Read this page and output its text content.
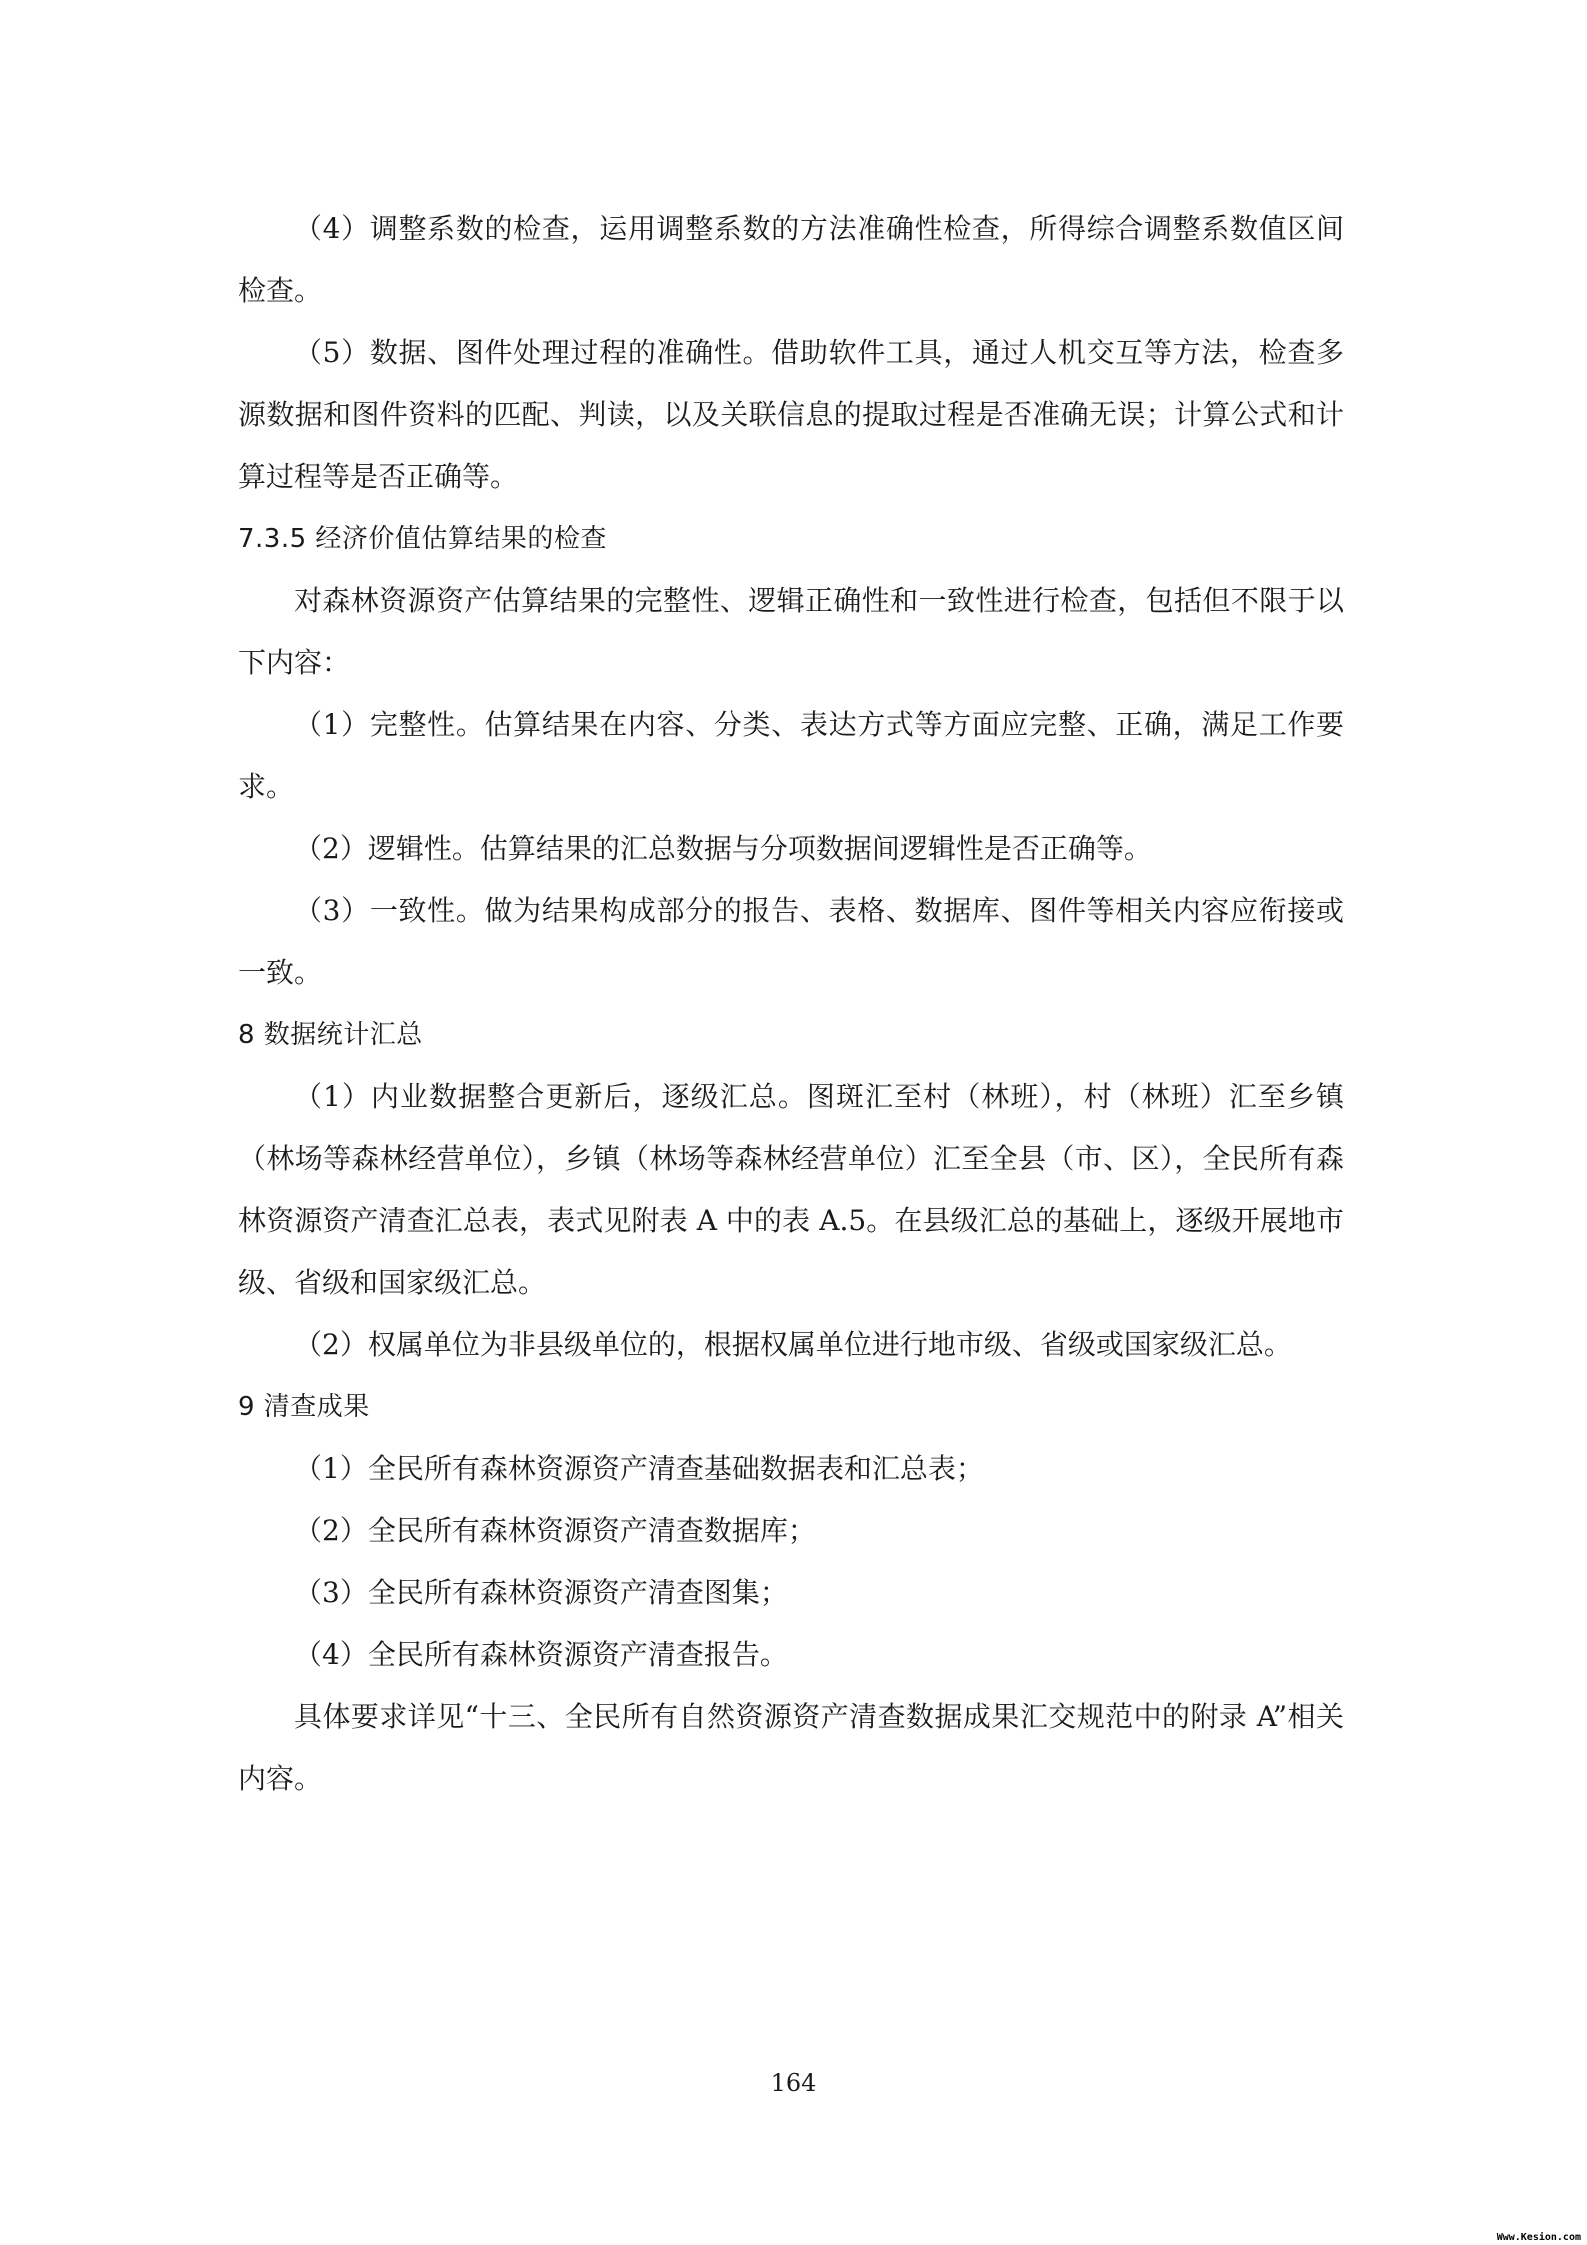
（4）调整系数的检查，运用调整系数的方法准确性检查，所得综合调整系数值区间检查。

（5）数据、图件处理过程的准确性。借助软件工具，通过人机交互等方法，检查多源数据和图件资料的匹配、判读，以及关联信息的提取过程是否准确无误；计算公式和计算过程等是否正确等。

7.3.5 经济价值估算结果的检查

对森林资源资产估算结果的完整性、逻辑正确性和一致性进行检查，包括但不限于以下内容：

（1）完整性。估算结果在内容、分类、表达方式等方面应完整、正确，满足工作要求。

（2）逻辑性。估算结果的汇总数据与分项数据间逻辑性是否正确等。

（3）一致性。做为结果构成部分的报告、表格、数据库、图件等相关内容应衔接或一致。

8 数据统计汇总

（1）内业数据整合更新后，逐级汇总。图斑汇至村（林班），村（林班）汇至乡镇（林场等森林经营单位），乡镇（林场等森林经营单位）汇至全县（市、区），全民所有森林资源资产清查汇总表，表式见附表 A 中的表 A.5。在县级汇总的基础上，逐级开展地市级、省级和国家级汇总。

（2）权属单位为非县级单位的，根据权属单位进行地市级、省级或国家级汇总。

9 清查成果

（1）全民所有森林资源资产清查基础数据表和汇总表；

（2）全民所有森林资源资产清查数据库；

（3）全民所有森林资源资产清查图集；

（4）全民所有森林资源资产清查报告。

具体要求详见“十三、全民所有自然资源资产清查数据成果汇交规范中的附录 A”相关内容。

164
Www.Kesion.com
